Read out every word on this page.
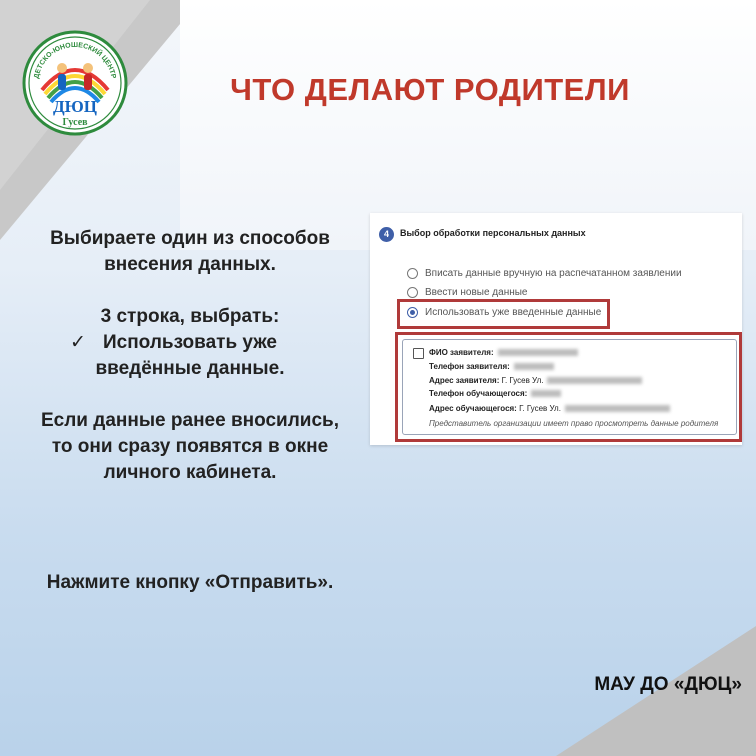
ДЕТСКО-ЮНОШЕСКИЙ ЦЕНТР
ДЮЦ
Гусев
ЧТО ДЕЛАЮТ РОДИТЕЛИ

Выбираете один из способов

внесения данных.

3 строка, выбрать:

✓ Использовать уже

введённые данные.

Если данные ранее вносились,

то они сразу появятся в окне

личного кабинета.

Нажмите кнопку «Отправить».
4	Выбор обработки персональных данных
Вписать данные вручную на распечатанном заявлении
Ввести новые данные
Использовать уже введенные данные
ФИО заявителя:
Телефон заявителя:
Адрес заявителя: Г. Гусев Ул.
Телефон обучающегося:
Адрес обучающегося: Г. Гусев Ул.
Представитель организации имеет право просмотреть данные родителя
МАУ ДО «ДЮЦ»
